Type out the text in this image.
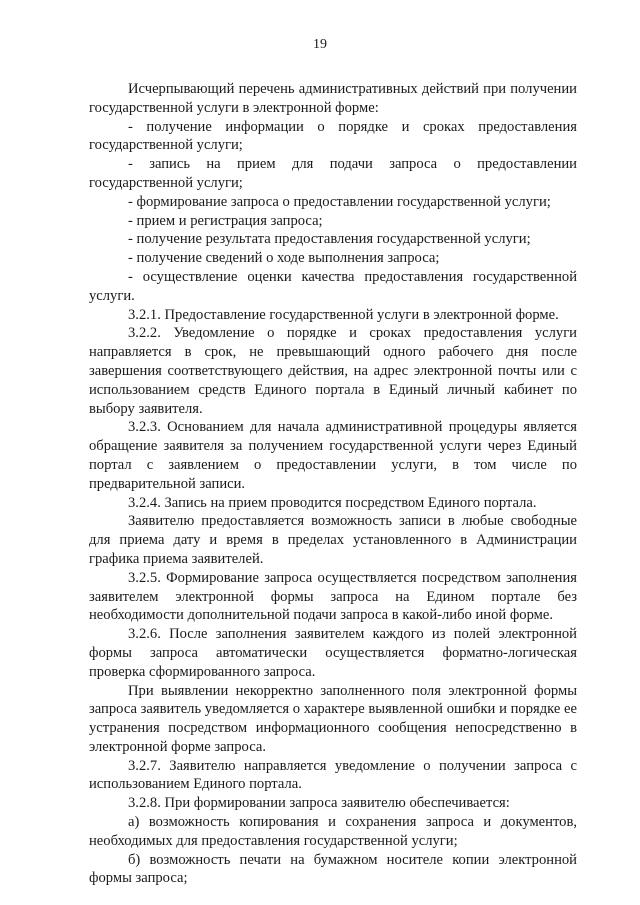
19

Исчерпывающий перечень административных действий при получении государственной услуги в электронной форме:

- получение информации о порядке и сроках предоставления государственной услуги;

- запись на прием для подачи запроса о предоставлении государственной услуги;

- формирование запроса о предоставлении государственной услуги;

- прием и регистрация запроса;

- получение результата предоставления государственной услуги;

- получение сведений о ходе выполнения запроса;

- осуществление оценки качества предоставления государственной услуги.

3.2.1. Предоставление государственной услуги в электронной форме.

3.2.2. Уведомление о порядке и сроках предоставления услуги направляется в срок, не превышающий одного рабочего дня после завершения соответствующего действия, на адрес электронной почты или с использованием средств Единого портала в Единый личный кабинет по выбору заявителя.

3.2.3. Основанием для начала административной процедуры является обращение заявителя за получением государственной услуги через Единый портал с заявлением о предоставлении услуги, в том числе по предварительной записи.

3.2.4. Запись на прием проводится посредством Единого портала.

Заявителю предоставляется возможность записи в любые свободные для приема дату и время в пределах установленного в Администрации графика приема заявителей.

3.2.5. Формирование запроса осуществляется посредством заполнения заявителем электронной формы запроса на Едином портале без необходимости дополнительной подачи запроса в какой-либо иной форме.

3.2.6. После заполнения заявителем каждого из полей электронной формы запроса автоматически осуществляется форматно-логическая проверка сформированного запроса.

При выявлении некорректно заполненного поля электронной формы запроса заявитель уведомляется о характере выявленной ошибки и порядке ее устранения посредством информационного сообщения непосредственно в электронной форме запроса.

3.2.7. Заявителю направляется уведомление о получении запроса с использованием Единого портала.

3.2.8. При формировании запроса заявителю обеспечивается:

а) возможность копирования и сохранения запроса и документов, необходимых для предоставления государственной услуги;

б) возможность печати на бумажном носителе копии электронной формы запроса;
